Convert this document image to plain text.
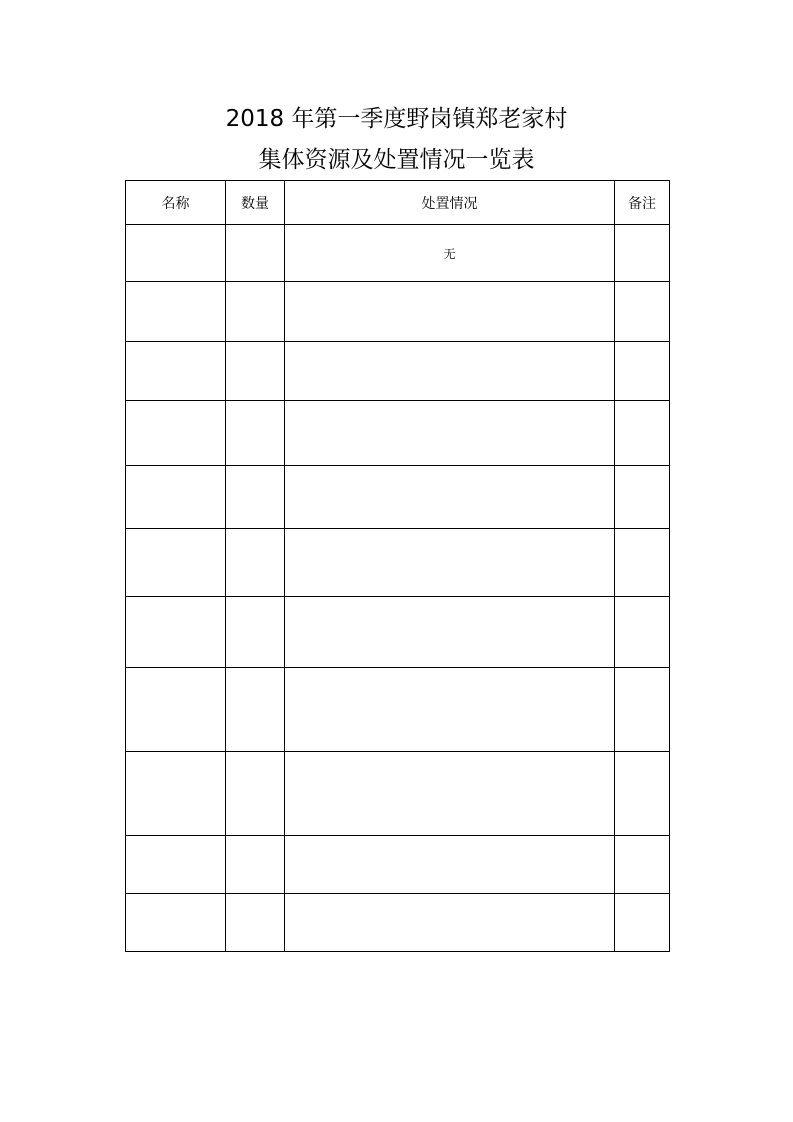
2018 年第一季度野岗镇郑老家村
集体资源及处置情况一览表
名称	数量	处置情况	备注
		无	
